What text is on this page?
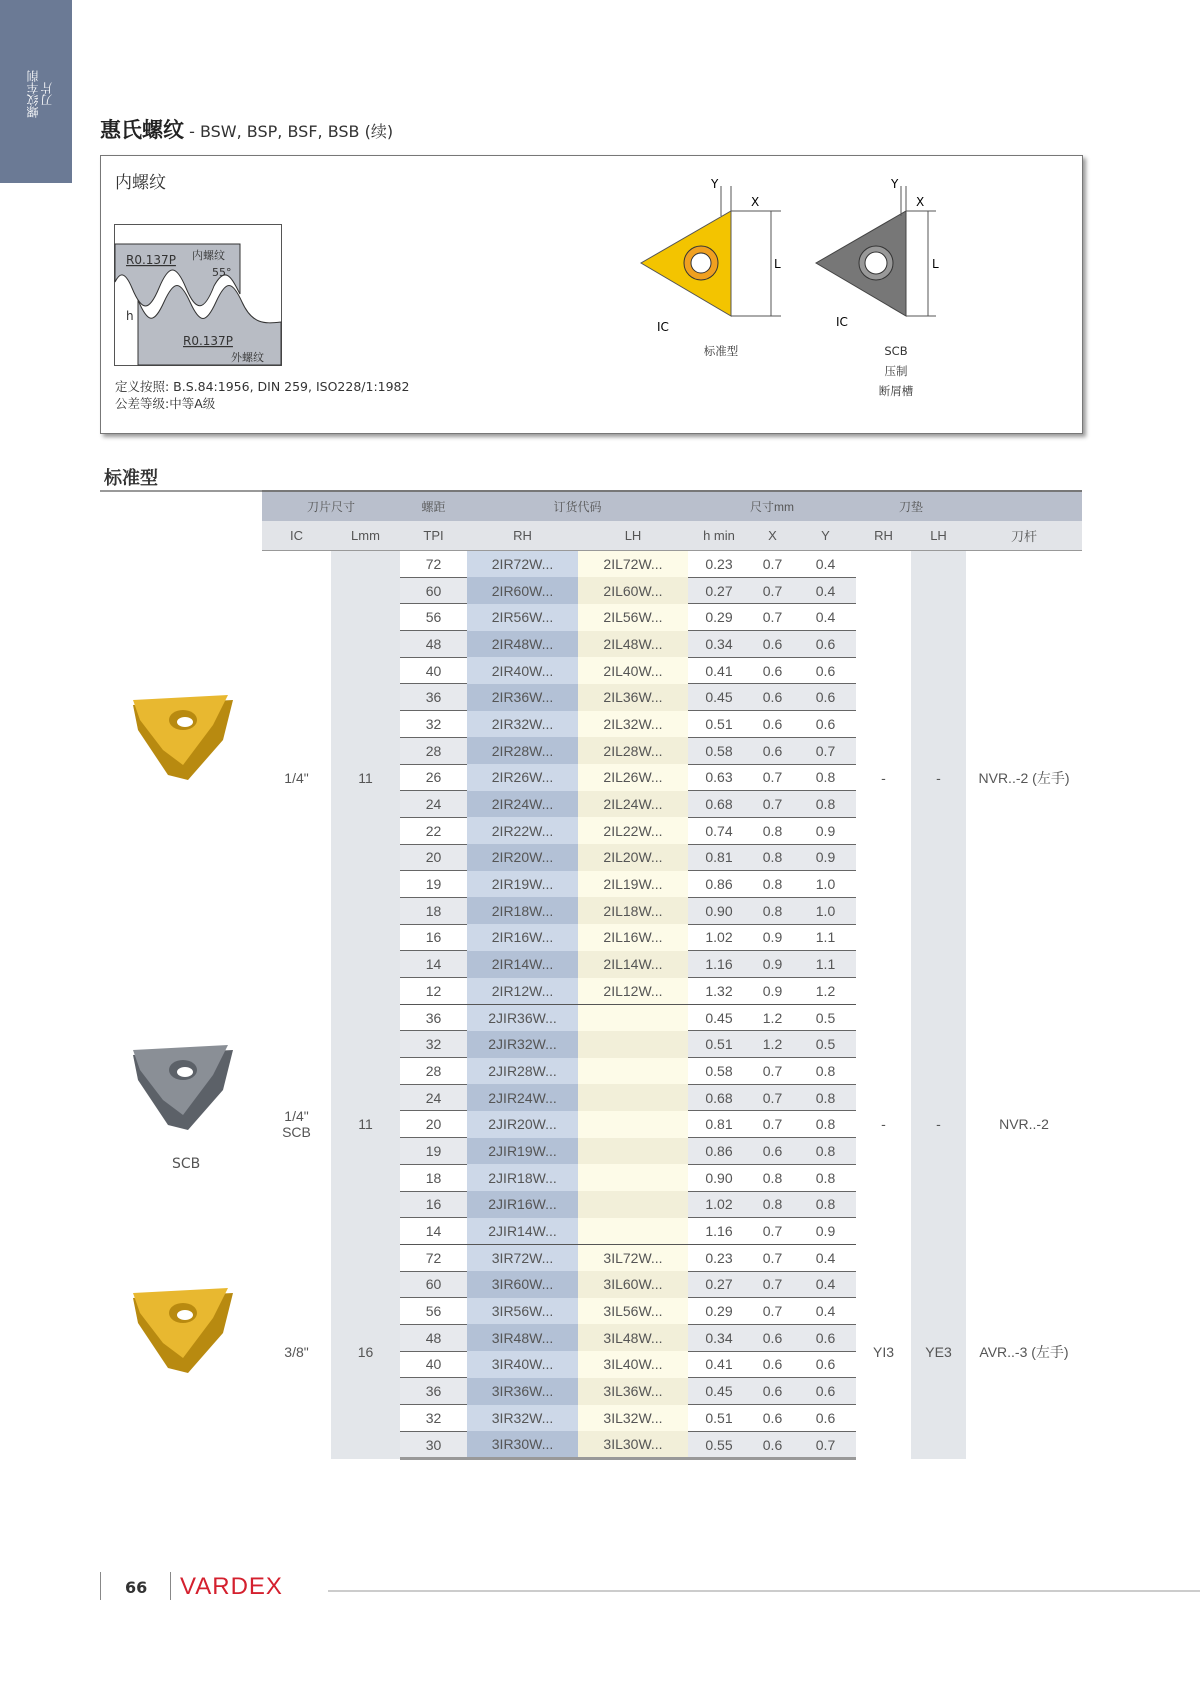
螺纹车削
刀片
惠氏螺纹 - BSW, BSP, BSF, BSB (续)
内螺纹
R0.137P 内螺纹
55°
h
R0.137P
外螺纹
定义按照: B.S.84:1956, DIN 259, ISO228/1:1982
公差等级:中等A级
Y
X
L
IC
标准型
Y
X
L
IC
SCB
压制
断屑槽
标准型
刀片尺寸		螺距	订货代码		尺寸mm			刀垫		
IC	Lmm	TPI	RH	LH	h min	X	Y	RH	LH	刀杆

1/4"	11	72	2IR72W...	2IL72W...	0.23	0.7	0.4	-	-	NVR..-2 (左手)
		60	2IR60W...	2IL60W...	0.27	0.7	0.4			
		56	2IR56W...	2IL56W...	0.29	0.7	0.4			
		48	2IR48W...	2IL48W...	0.34	0.6	0.6			
		40	2IR40W...	2IL40W...	0.41	0.6	0.6			
		36	2IR36W...	2IL36W...	0.45	0.6	0.6			
		32	2IR32W...	2IL32W...	0.51	0.6	0.6			
		28	2IR28W...	2IL28W...	0.58	0.6	0.7			
		26	2IR26W...	2IL26W...	0.63	0.7	0.8			
		24	2IR24W...	2IL24W...	0.68	0.7	0.8			
		22	2IR22W...	2IL22W...	0.74	0.8	0.9			
		20	2IR20W...	2IL20W...	0.81	0.8	0.9			
		19	2IR19W...	2IL19W...	0.86	0.8	1.0			
		18	2IR18W...	2IL18W...	0.90	0.8	1.0			
		16	2IR16W...	2IL16W...	1.02	0.9	1.1			
		14	2IR14W...	2IL14W...	1.16	0.9	1.1			
		12	2IR12W...	2IL12W...	1.32	0.9	1.2			

1/4"
SCB	11	36	2JIR36W...		0.45	1.2	0.5	-	-	NVR..-2
		32	2JIR32W...		0.51	1.2	0.5			
		28	2JIR28W...		0.58	0.7	0.8			
		24	2JIR24W...		0.68	0.7	0.8			
		20	2JIR20W...		0.81	0.7	0.8			
		19	2JIR19W...		0.86	0.6	0.8			
		18	2JIR18W...		0.90	0.8	0.8			
		16	2JIR16W...		1.02	0.8	0.8			
		14	2JIR14W...		1.16	0.7	0.9			

3/8"	16	72	3IR72W...	3IL72W...	0.23	0.7	0.4	YI3	YE3	AVR..-3 (左手)
		60	3IR60W...	3IL60W...	0.27	0.7	0.4			
		56	3IR56W...	3IL56W...	0.29	0.7	0.4			
		48	3IR48W...	3IL48W...	0.34	0.6	0.6			
		40	3IR40W...	3IL40W...	0.41	0.6	0.6			
		36	3IR36W...	3IL36W...	0.45	0.6	0.6			
		32	3IR32W...	3IL32W...	0.51	0.6	0.6			
		30	3IR30W...	3IL30W...	0.55	0.6	0.7			
66 VARDEX
SCB
